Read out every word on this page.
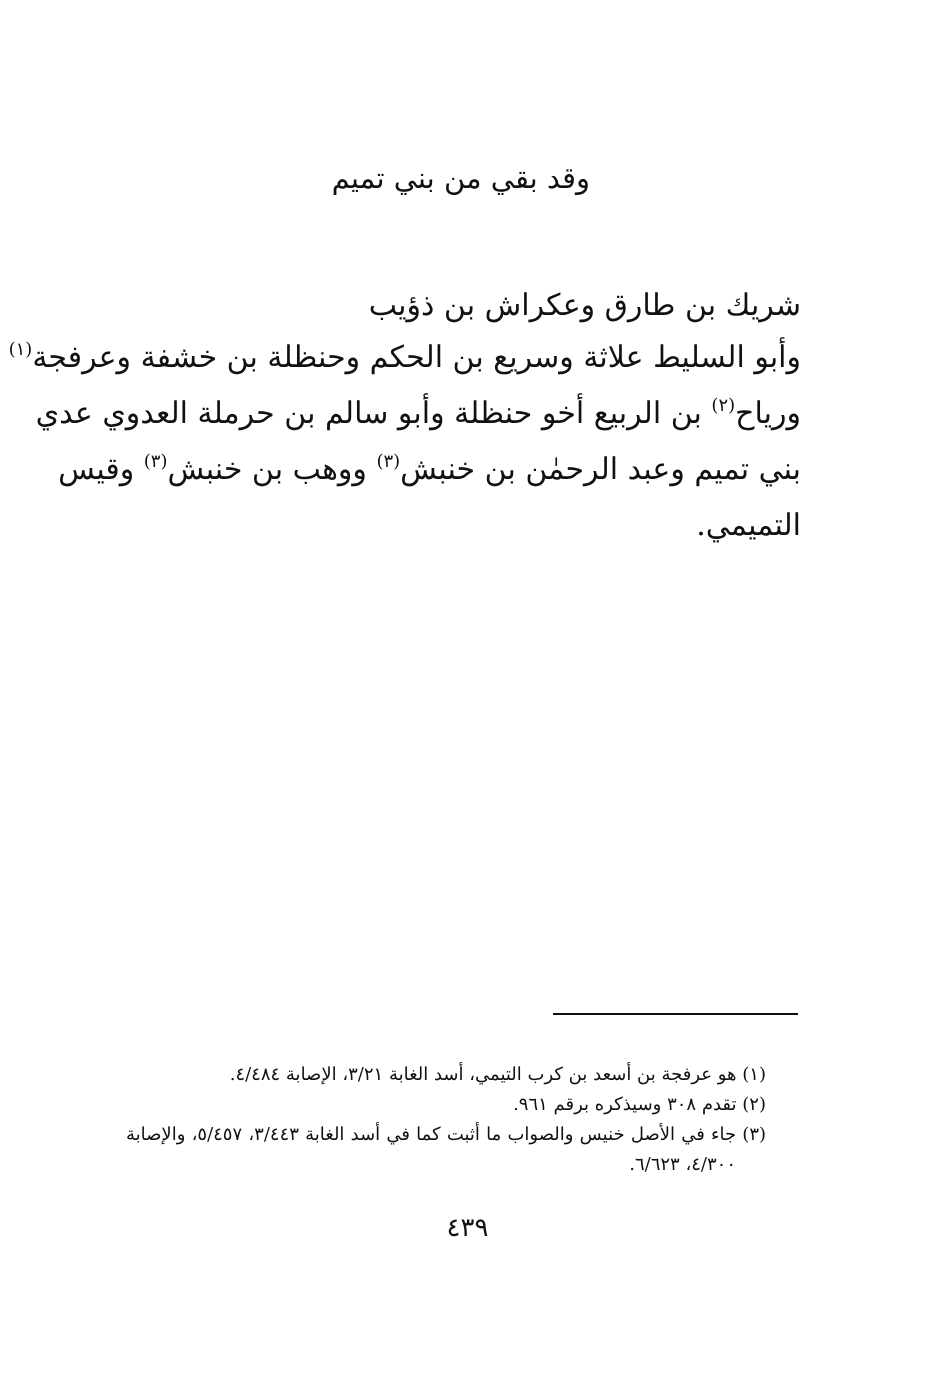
وقد بقي من بني تميم
شريك بن طارق وعكراش بن ذؤيب
وأبو السليط علاثة وسريع بن الحكم وحنظلة بن خشفة وعرفجة$^{(١)}$
ورياح$^{(٢)}$ بن الربيع أخو حنظلة وأبو سالم بن حرملة العدوي عدي
بني تميم وعبد الرحمٰن بن خنبش$^{(٣)}$ ووهب بن خنبش$^{(٣)}$ وقيس
التميمي.
(١) هو عرفجة بن أسعد بن كرب التيمي، أسد الغابة ٣/٢١، الإصابة ٤/٤٨٤.
(٢) تقدم ٣٠٨ وسيذكره برقم ٩٦١.
(٣) جاء في الأصل خنيس والصواب ما أثبت كما في أسد الغابة ٣/٤٤٣، ٥/٤٥٧، والإصابة
٤/٣٠٠، ٦/٦٢٣.
٤٣٩
